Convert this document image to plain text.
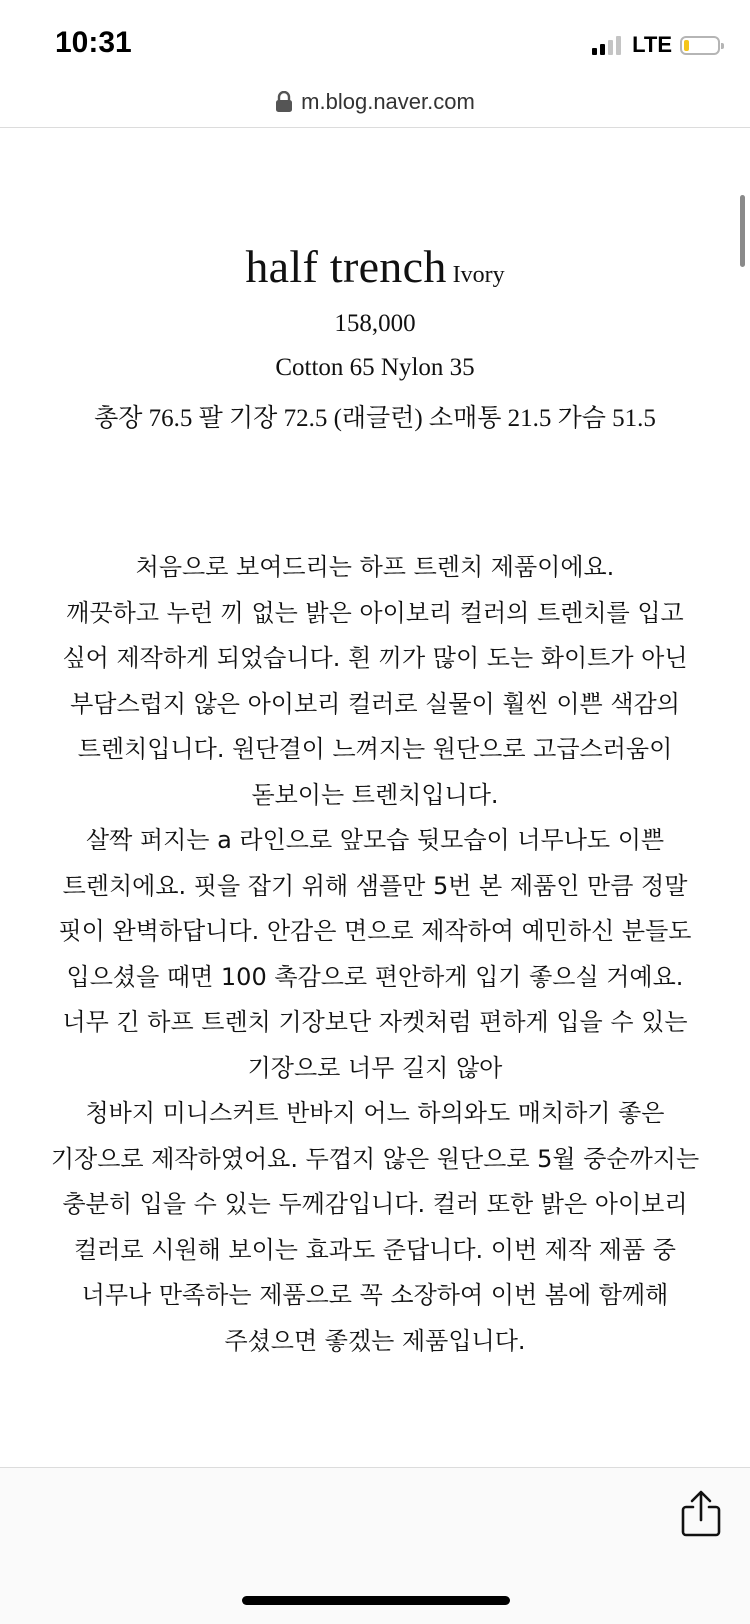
10:31	LTE
m.blog.naver.com
half trench Ivory
158,000
Cotton 65 Nylon 35
총장 76.5 팔 기장 72.5 (래글런) 소매통 21.5 가슴 51.5

처음으로 보여드리는 하프 트렌치 제품이에요.

깨끗하고 누런 끼 없는 밝은 아이보리 컬러의 트렌치를 입고 싶어 제작하게 되었습니다. 흰 끼가 많이 도는 화이트가 아닌 부담스럽지 않은 아이보리 컬러로 실물이 훨씬 이쁜 색감의 트렌치입니다. 원단결이 느껴지는 원단으로 고급스러움이 돋보이는 트렌치입니다.

살짝 퍼지는 a 라인으로 앞모습 뒷모습이 너무나도 이쁜 트렌치에요. 핏을 잡기 위해 샘플만 5번 본 제품인 만큼 정말 핏이 완벽하답니다. 안감은 면으로 제작하여 예민하신 분들도 입으셨을 때면 100 촉감으로 편안하게 입기 좋으실 거예요. 너무 긴 하프 트렌치 기장보단 자켓처럼 편하게 입을 수 있는 기장으로 너무 길지 않아

청바지 미니스커트 반바지 어느 하의와도 매치하기 좋은 기장으로 제작하였어요. 두껍지 않은 원단으로 5월 중순까지는 충분히 입을 수 있는 두께감입니다. 컬러 또한 밝은 아이보리 컬러로 시원해 보이는 효과도 준답니다. 이번 제작 제품 중 너무나 만족하는 제품으로 꼭 소장하여 이번 봄에 함께해 주셨으면 좋겠는 제품입니다.
